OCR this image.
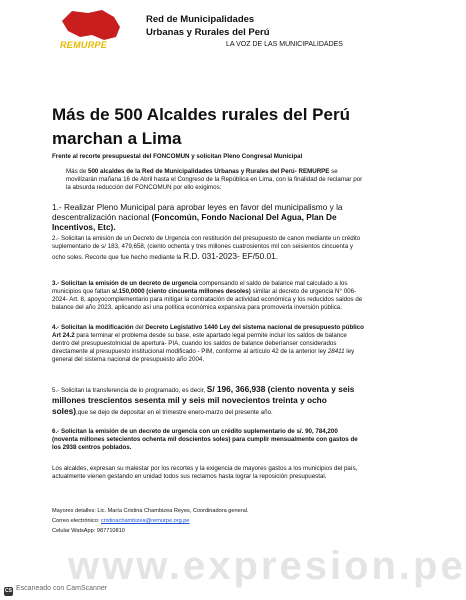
REMURPE
Red de Municipalidades
Urbanas y Rurales del Perú
LA VOZ DE LAS MUNICIPALIDADES
Más de 500 Alcaldes rurales del Perú marchan a Lima
Frente al recorte presupuestal del FONCOMUN y solicitan Pleno Congresal Municipal

Más de 500 alcaldes de la Red de Municipalidades Urbanas y Rurales del Perú- REMURPE se movilizarán mañana 16 de Abril hasta el Congreso de la República en Lima, con la finalidad de reclamar por la absurda reducción del FONCOMUN por ello exigimos:

1.- Realizar Pleno Municipal para aprobar leyes en favor del municipalismo y la descentralización nacional (Foncomún, Fondo Nacional Del Agua, Plan De Incentivos, Etc).

2.- Solicitan la emisión de un Decreto de Urgencia con restitución del presupuesto de canon mediante un crédito suplementario de s/ 183, 479,658, (ciento ochenta y tres millones cuatrosientos mil con seisientos cincuenta y ocho soles. Recorte que fue hecho mediante la R.D. 031-2023- EF/50.01.

3.- Solicitan la emisión de un decreto de urgencia compensando el saldo de balance mal calculado a los municipios que faltan s/.150,0000 (ciento cincuenta millones desoles) similar al decreto de urgencia N° 006-2024- Art. 8, apoyocomplementario para mitigar la contratación de actividad económica y los reducidos saldos de balance del año 2023, aplicando así una política económica expansiva para promoverla inversión pública.

4.- Solicitan la modificación del Decreto Legislativo 1440 Ley del sistema nacional de presupuesto público Art 24.2 para terminar el problema desde su base, este apartado legal permite incluir los saldos de balance dentro del presupuestoInicial de apertura- PIA, cuando los saldos de balance deberíanser considerados directamente al presupuesto institucional modificado - PIM, conforme al artículo 42 de la anterior ley 28411 ley general del sistema nacional de presupuesto año 2004.

5.- Solicitan la transferencia de lo programado, es decir, S/ 196, 366,938 (ciento noventa y seis millones trescientos sesenta mil y seis mil novecientos treinta y ocho soles),que se dejo de depositar en el trimestre enero-marzo del presente año.

6.- Solicitan la emisión de un decreto de urgencia con un crédito suplementario de s/. 90, 784,200 (noventa millones setecientos ochenta mil doscientos soles) para cumplir mensualmente con gastos de los 2938 centros poblados.

Los alcaldes, expresan su malestar por los recortes y la exigencia de mayores gastos a los municipios del país, actualmente vienen gestando en unidad todos sus reclamos hasta lograr la reposición presupuestal.

Mayores detalles: Lic. María Cristina Chambizea Reyes, Coordinadora general.
Correo electrónico: cristinachambizea@remurpe.org.pe
Celular WatsApp: 987710810
www.expresion.pe
CS Escaneado con CamScanner
